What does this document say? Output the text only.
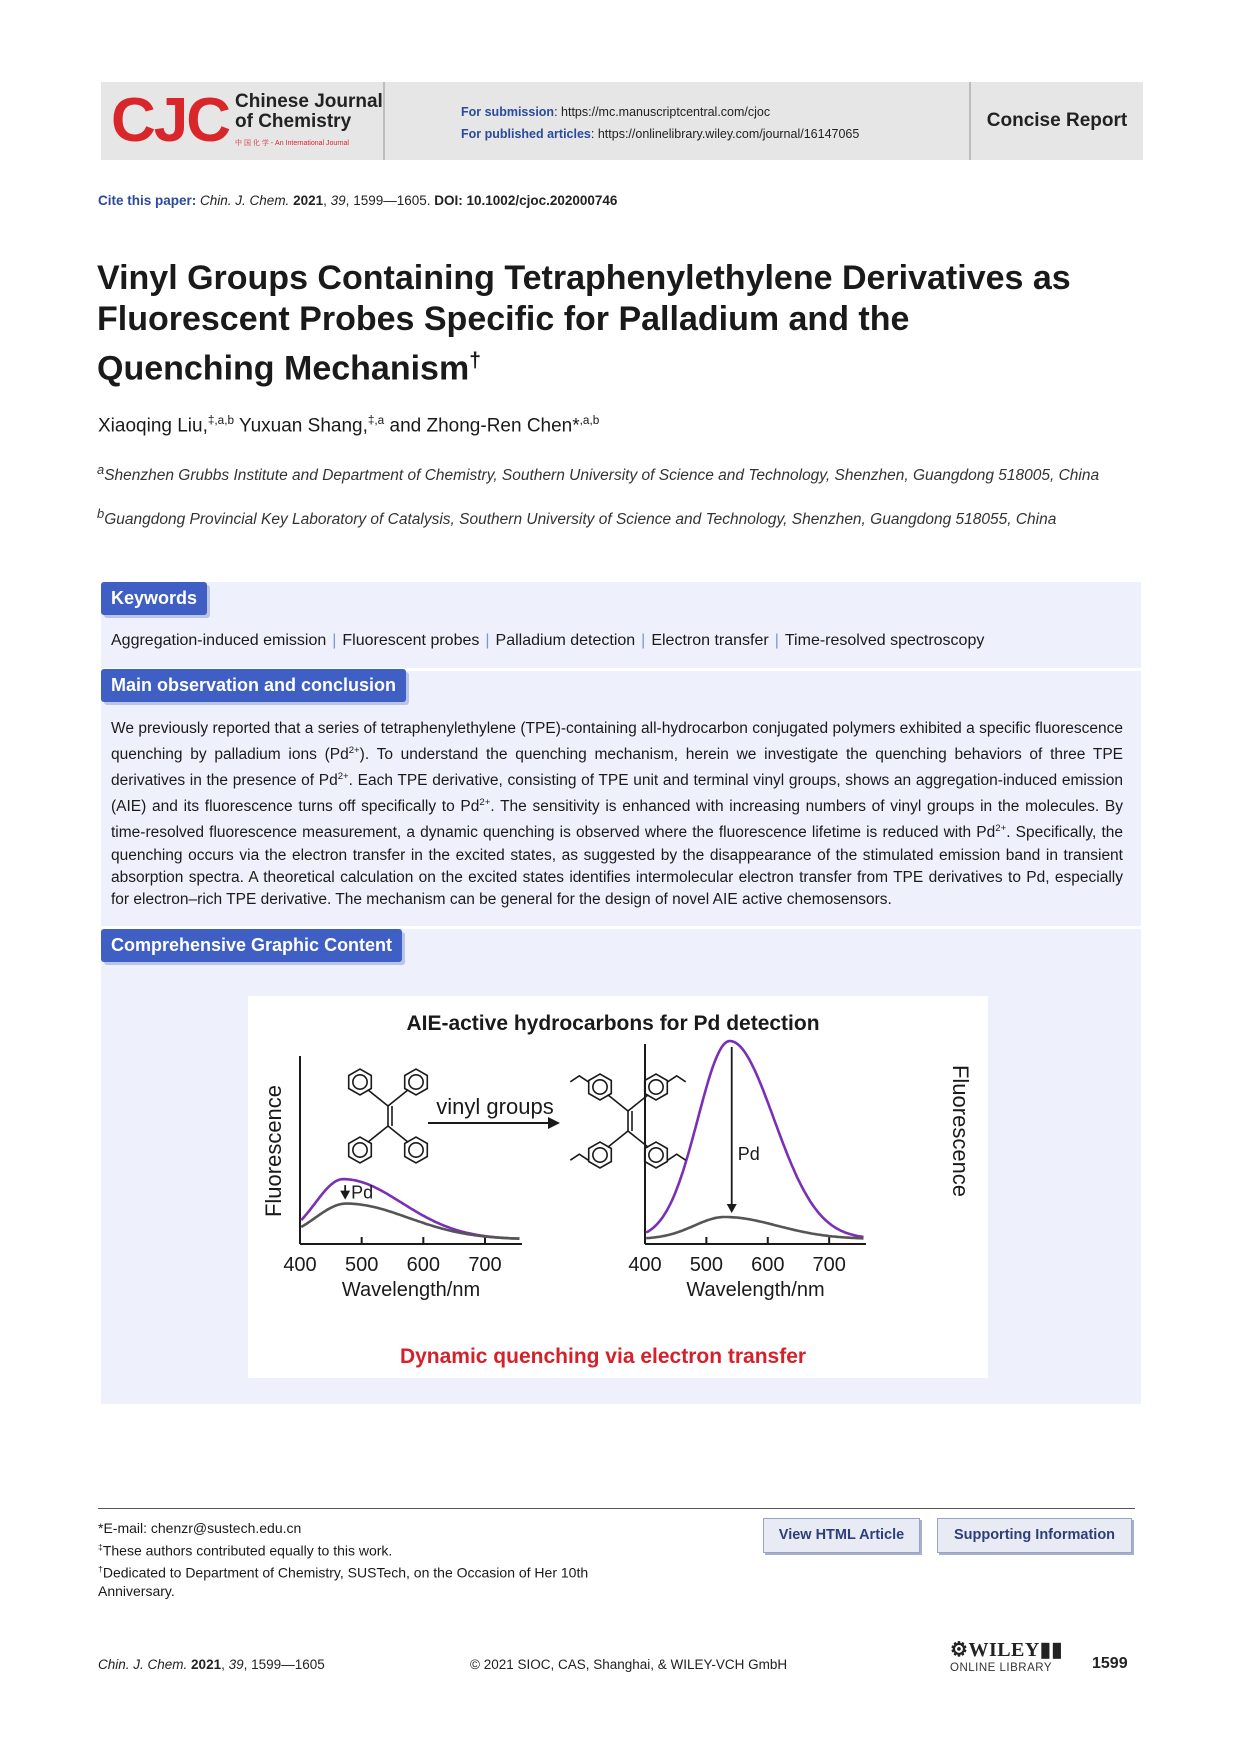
CJC Chinese Journal
of Chemistry
中 国 化 学 - An International Journal
For submission: https://mc.manuscriptcentral.com/cjoc
For published articles: https://onlinelibrary.wiley.com/journal/16147065
Concise Report
Cite this paper: Chin. J. Chem. 2021, 39, 1599—1605. DOI: 10.1002/cjoc.202000746
Vinyl Groups Containing Tetraphenylethylene Derivatives as
Fluorescent Probes Specific for Palladium and the
Quenching Mechanism†
Xiaoqing Liu,$^{\ddagger,a,b}$ Yuxuan Shang,$^{\ddagger,a}$ and Zhong-Ren Chen*$^{,a,b}$
$^a$Shenzhen Grubbs Institute and Department of Chemistry, Southern University of Science and Technology, Shenzhen, Guangdong 518005, China
$^b$Guangdong Provincial Key Laboratory of Catalysis, Southern University of Science and Technology, Shenzhen, Guangdong 518055, China
Keywords
Aggregation-induced emission | Fluorescent probes | Palladium detection | Electron transfer | Time-resolved spectroscopy
Main observation and conclusion
We previously reported that a series of tetraphenylethylene (TPE)-containing all-hydrocarbon conjugated polymers exhibited a specific fluorescence quenching by palladium ions $(Pd^{2+})$. To understand the quenching mechanism, herein we investigate the quenching behaviors of three TPE derivatives in the presence of $Pd^{2+}$. Each TPE derivative, consisting of TPE unit and terminal vinyl groups, shows an aggregation-induced emission (AIE) and its fluorescence turns off specifically to $Pd^{2+}$. The sensitivity is enhanced with increasing numbers of vinyl groups in the molecules. By time-resolved fluorescence measurement, a dynamic quenching is observed where the fluorescence lifetime is reduced with $Pd^{2+}$. Specifically, the quenching occurs via the electron transfer in the excited states, as suggested by the disappearance of the stimulated emission band in transient absorption spectra. A theoretical calculation on the excited states identifies intermolecular electron transfer from TPE derivatives to Pd, especially for electron–rich TPE derivative. The mechanism can be general for the design of novel AIE active chemosensors.
Comprehensive Graphic Content
AIE-active hydrocarbons for Pd detection
Fluorescence	Fluorescence
400 500 600 700
Wavelength/nm
Pd
400 500 600 700
Wavelength/nm
Pd
vinyl groups
Dynamic quenching via electron transfer
*E-mail: chenzr@sustech.edu.cn
‡These authors contributed equally to this work.
†Dedicated to Department of Chemistry, SUSTech, on the Occasion of Her 10th Anniversary.
View HTML Article	Supporting Information
Chin. J. Chem. 2021, 39, 1599—1605	© 2021 SIOC, CAS, Shanghai, & WILEY-VCH GmbH
⚙WILEY▮▮
ONLINE LIBRARY	1599
